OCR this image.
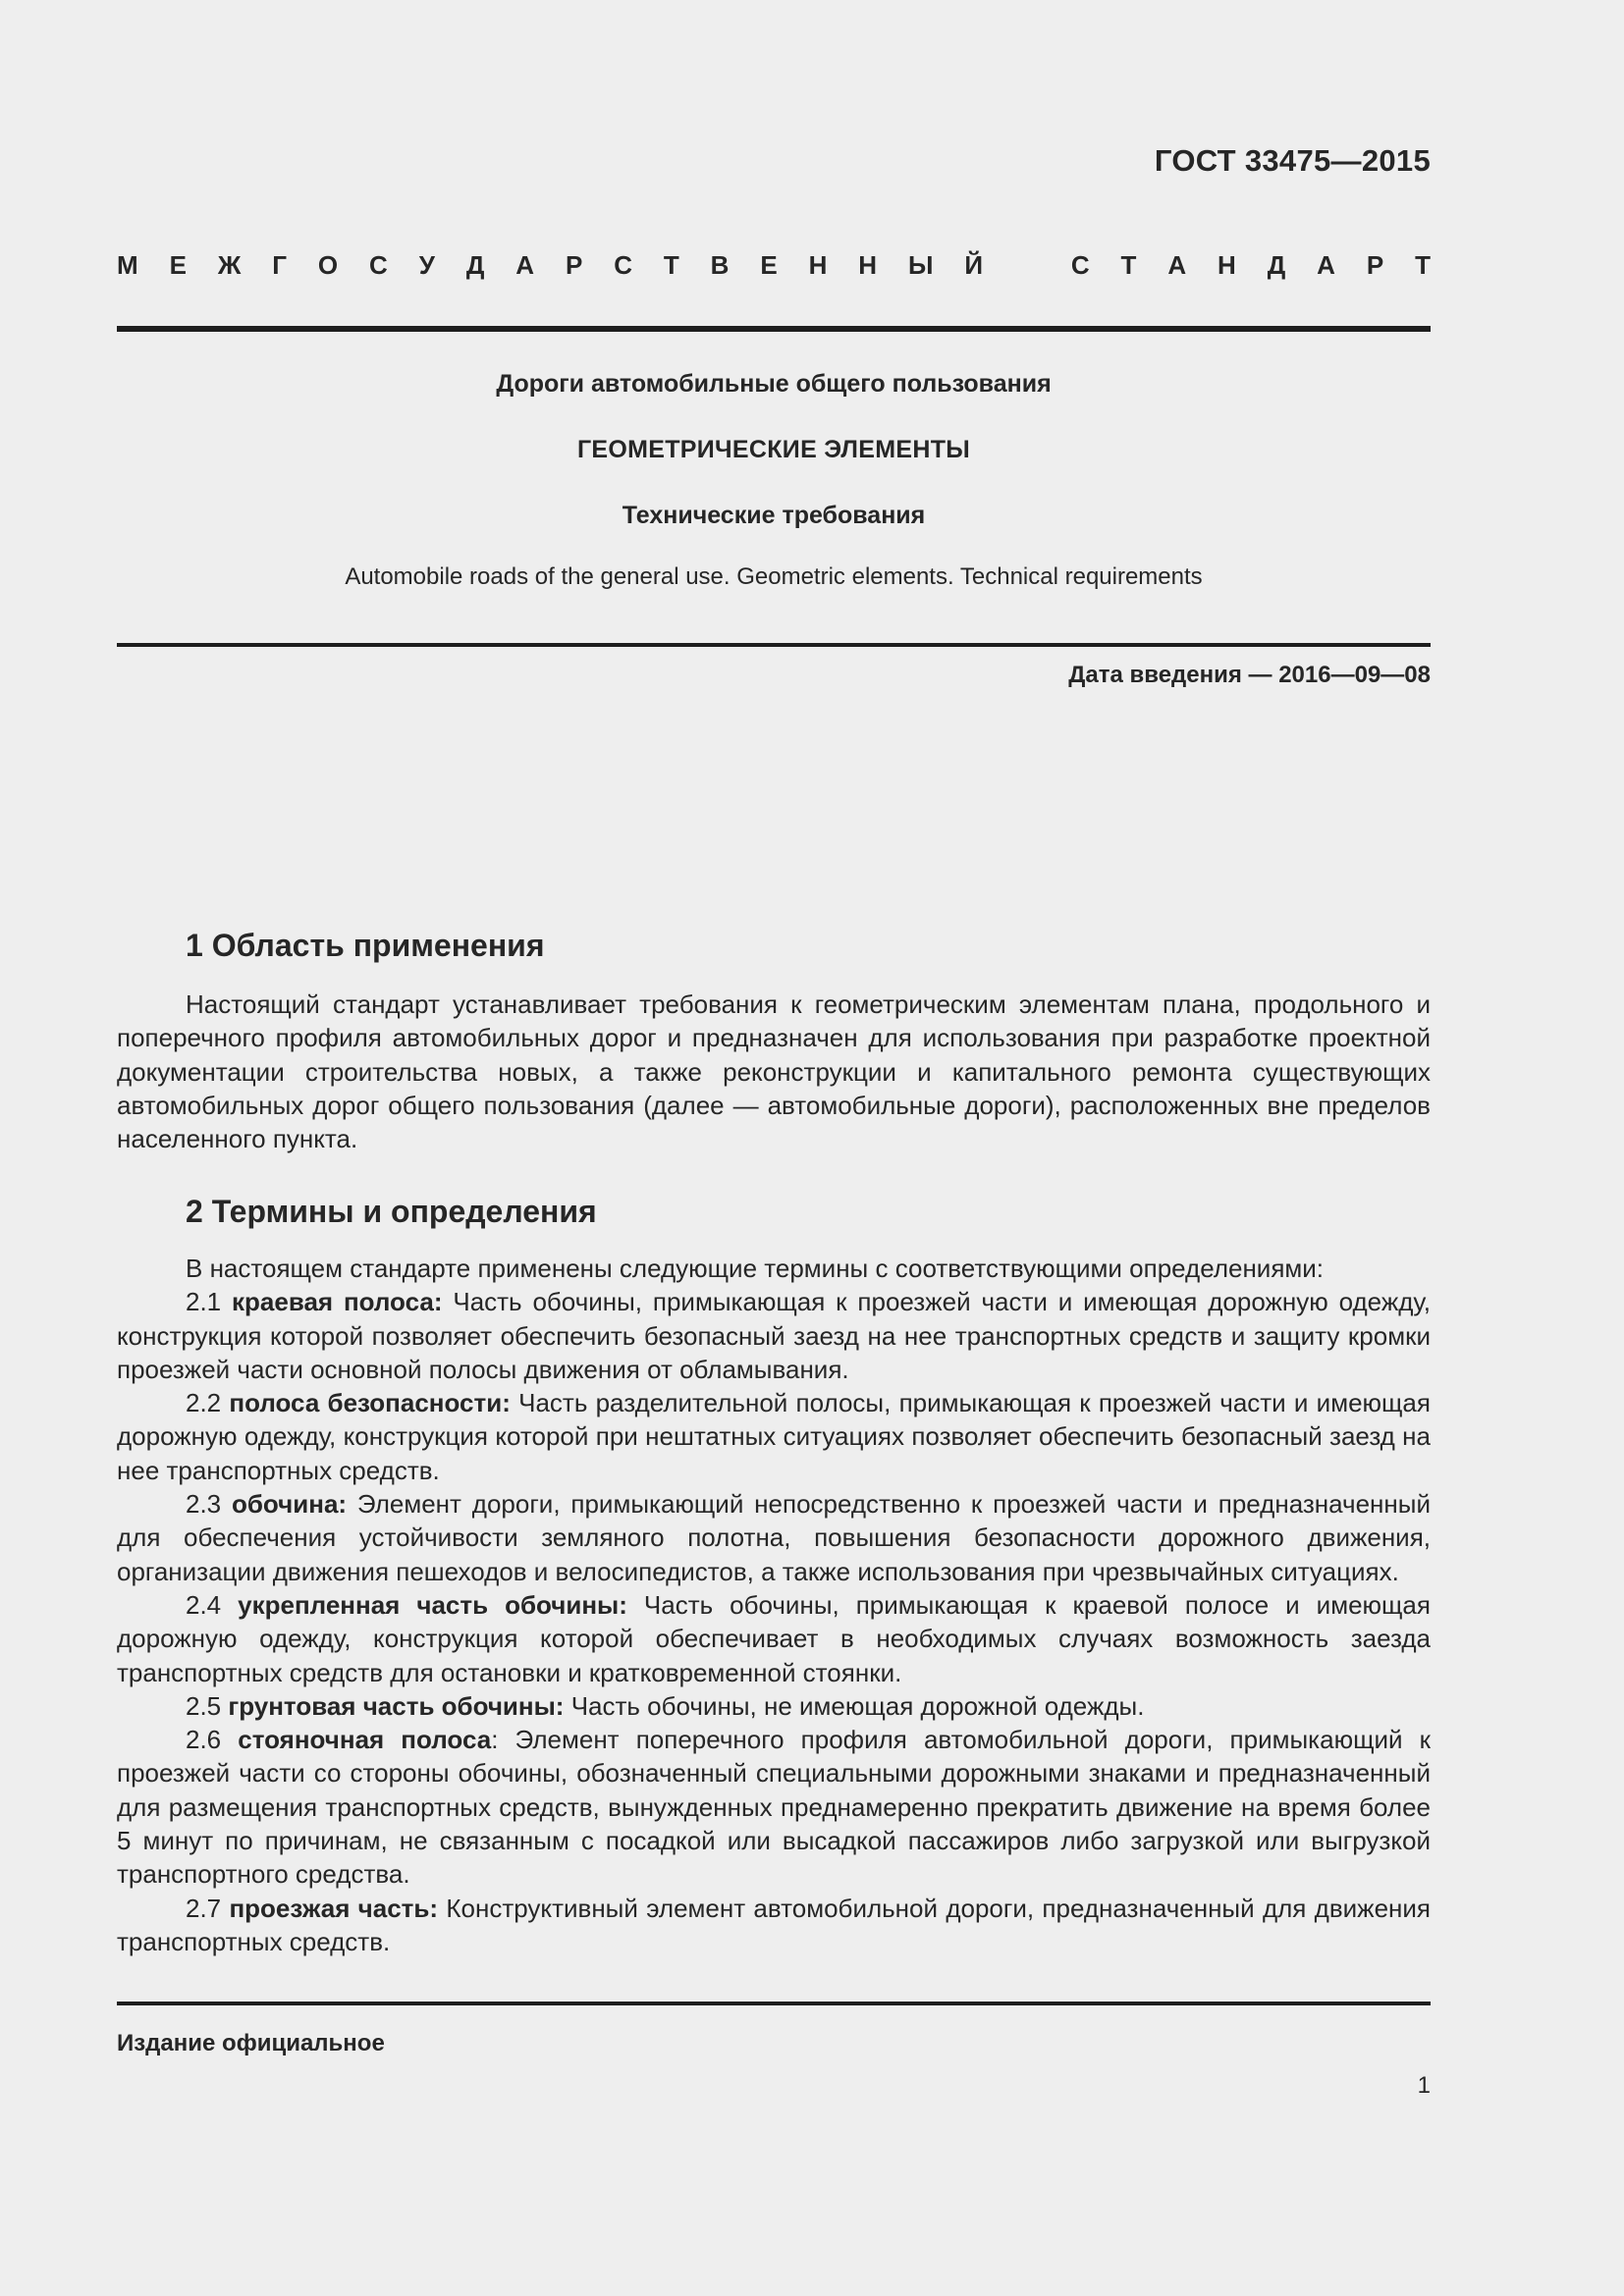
ГОСТ 33475—2015
М Е Ж Г О С У Д А Р С Т В Е Н Н Ы Й	С Т А Н Д А Р Т
Дороги автомобильные общего пользования
ГЕОМЕТРИЧЕСКИЕ ЭЛЕМЕНТЫ
Технические требования
Automobile roads of the general use. Geometric elements. Technical requirements
Дата введения — 2016—09—08
1 Область применения

Настоящий стандарт устанавливает требования к геометрическим элементам плана, продольного и поперечного профиля автомобильных дорог и предназначен для использования при разработке проектной документации строительства новых, а также реконструкции и капитального ремонта существующих автомобильных дорог общего пользования (далее — автомобильные дороги), расположенных вне пределов населенного пункта.

2 Термины и определения

В настоящем стандарте применены следующие термины с соответствующими определениями:

2.1 краевая полоса: Часть обочины, примыкающая к проезжей части и имеющая дорожную одежду, конструкция которой позволяет обеспечить безопасный заезд на нее транспортных средств и защиту кромки проезжей части основной полосы движения от обламывания.

2.2 полоса безопасности: Часть разделительной полосы, примыкающая к проезжей части и имеющая дорожную одежду, конструкция которой при нештатных ситуациях позволяет обеспечить безопасный заезд на нее транспортных средств.

2.3 обочина: Элемент дороги, примыкающий непосредственно к проезжей части и предназначенный для обеспечения устойчивости земляного полотна, повышения безопасности дорожного движения, организации движения пешеходов и велосипедистов, а также использования при чрезвычайных ситуациях.

2.4 укрепленная часть обочины: Часть обочины, примыкающая к краевой полосе и имеющая дорожную одежду, конструкция которой обеспечивает в необходимых случаях возможность заезда транспортных средств для остановки и кратковременной стоянки.

2.5 грунтовая часть обочины: Часть обочины, не имеющая дорожной одежды.

2.6 стояночная полоса: Элемент поперечного профиля автомобильной дороги, примыкающий к проезжей части со стороны обочины, обозначенный специальными дорожными знаками и предназначенный для размещения транспортных средств, вынужденных преднамеренно прекратить движение на время более 5 минут по причинам, не связанным с посадкой или высадкой пассажиров либо загрузкой или выгрузкой транспортного средства.

2.7 проезжая часть: Конструктивный элемент автомобильной дороги, предназначенный для движения транспортных средств.

Издание официальное
1
